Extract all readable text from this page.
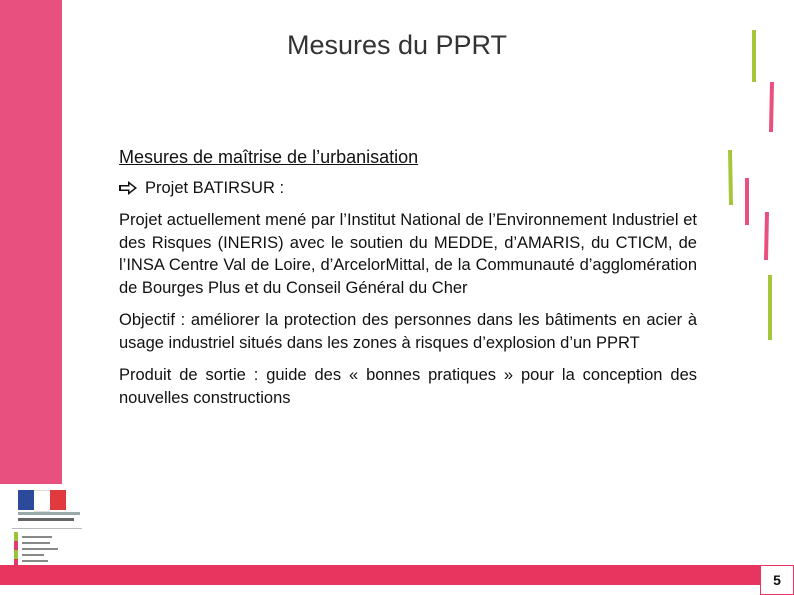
Mesures du PPRT
Mesures de maîtrise de l’urbanisation
Projet BATIRSUR :
Projet actuellement mené par l’Institut National de l’Environnement Industriel et des Risques (INERIS) avec le soutien du MEDDE, d’AMARIS, du CTICM, de l’INSA Centre Val de Loire, d’ArcelorMittal, de la Communauté d’agglomération de Bourges Plus et du Conseil Général du Cher
Objectif : améliorer la protection des personnes dans les bâtiments en acier à usage industriel situés dans les zones à risques d’explosion d’un PPRT
Produit de sortie : guide des « bonnes pratiques » pour la conception des nouvelles constructions
5
